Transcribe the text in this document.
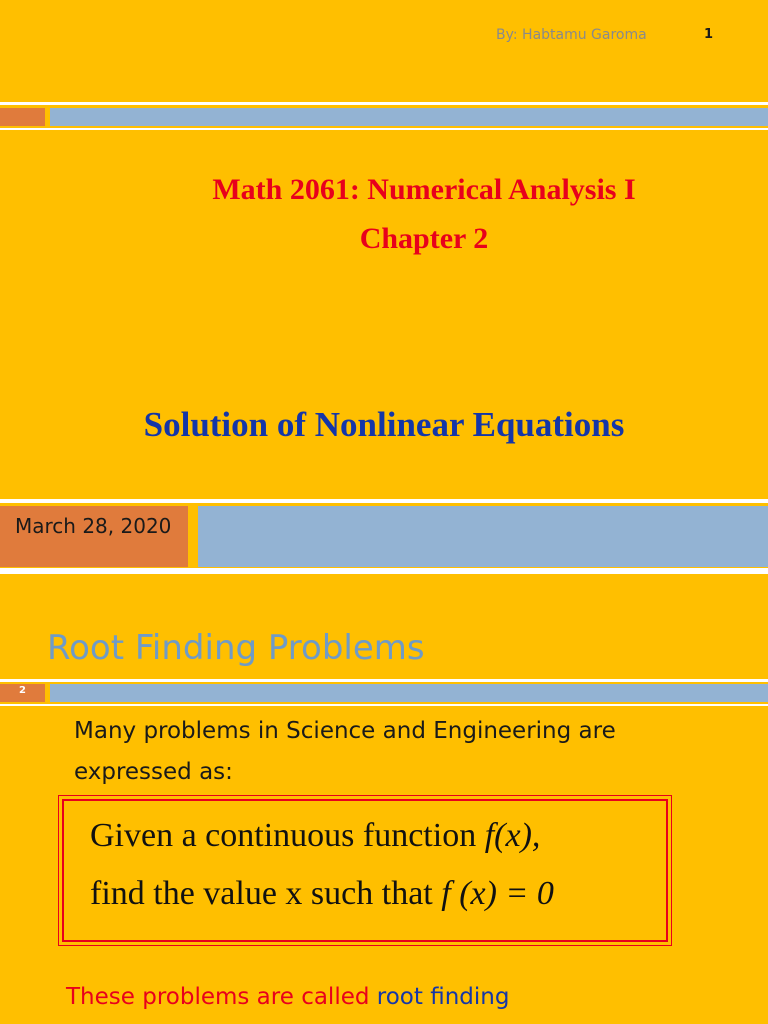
By: Habtamu Garoma	1
Math 2061: Numerical Analysis I
Chapter 2
Solution of Nonlinear Equations
March 28, 2020
Root Finding Problems
2
Many problems in Science and Engineering are
expressed as:
Given a continuous function f(x),
find the value x such that f (x) = 0
These problems are called root finding
